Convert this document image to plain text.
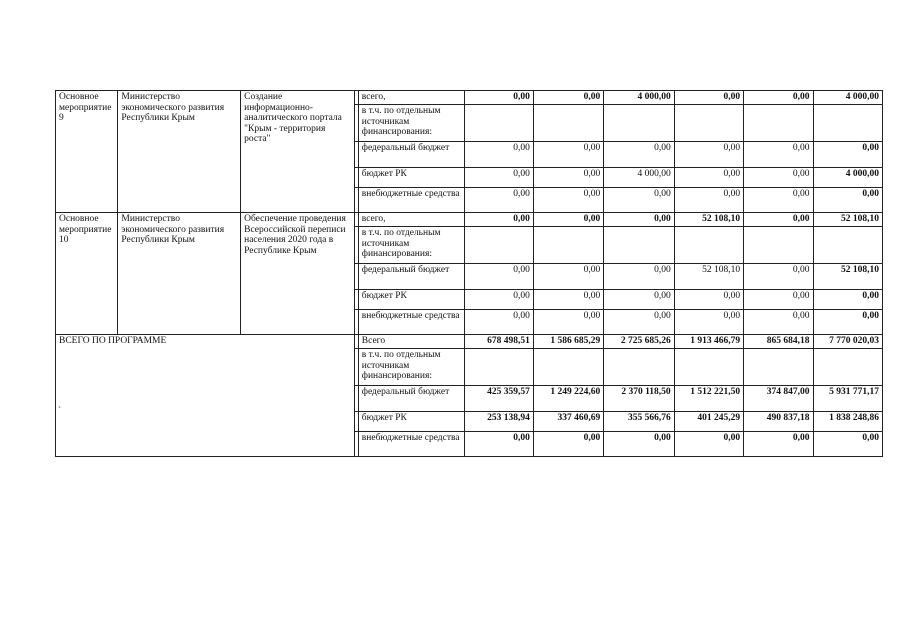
Основное мероприятие 9	Министерство экономического развития Республики Крым	Создание информационно-аналитического портала "Крым - территория роста"		всего,	0,00	0,00	4 000,00	0,00	0,00	4 000,00
				в т.ч. по отдельным источникам финансирования:						
				федеральный бюджет	0,00	0,00	0,00	0,00	0,00	0,00
				бюджет РК	0,00	0,00	4 000,00	0,00	0,00	4 000,00
				внебюджетные средства	0,00	0,00	0,00	0,00	0,00	0,00
Основное мероприятие 10	Министерство экономического развития Республики Крым	Обеспечение проведения Всероссийской переписи населения 2020 года в Республике Крым		всего,	0,00	0,00	0,00	52 108,10	0,00	52 108,10
				в т.ч. по отдельным источникам финансирования:						
				федеральный бюджет	0,00	0,00	0,00	52 108,10	0,00	52 108,10
				бюджет РК	0,00	0,00	0,00	0,00	0,00	0,00
				внебюджетные средства	0,00	0,00	0,00	0,00	0,00	0,00
ВСЕГО ПО ПРОГРАММЕ				Всего	678 498,51	1 586 685,29	2 725 685,26	1 913 466,79	865 684,18	7 770 020,03
				в т.ч. по отдельным источникам финансирования:						
				федеральный бюджет	425 359,57	1 249 224,60	2 370 118,50	1 512 221,50	374 847,00	5 931 771,17
				бюджет РК	253 138,94	337 460,69	355 566,76	401 245,29	490 837,18	1 838 248,86
				внебюджетные средства	0,00	0,00	0,00	0,00	0,00	0,00
˴
